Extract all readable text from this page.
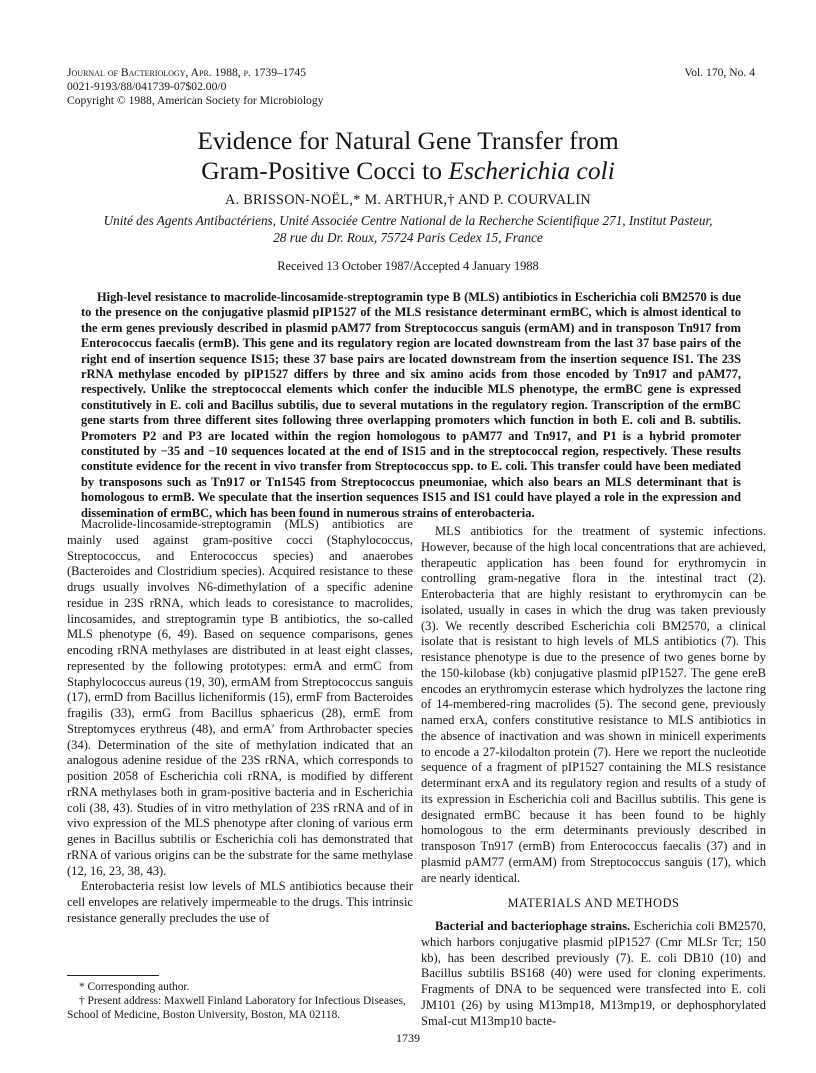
Journal of Bacteriology, Apr. 1988, p. 1739–1745
0021-9193/88/041739-07$02.00/0
Copyright © 1988, American Society for Microbiology
Vol. 170, No. 4
Evidence for Natural Gene Transfer from
Gram-Positive Cocci to Escherichia coli
A. BRISSON-NOËL,* M. ARTHUR,† AND P. COURVALIN
Unité des Agents Antibactériens, Unité Associée Centre National de la Recherche Scientifique 271, Institut Pasteur,
28 rue du Dr. Roux, 75724 Paris Cedex 15, France
Received 13 October 1987/Accepted 4 January 1988

High-level resistance to macrolide-lincosamide-streptogramin type B (MLS) antibiotics in Escherichia coli BM2570 is due to the presence on the conjugative plasmid pIP1527 of the MLS resistance determinant ermBC, which is almost identical to the erm genes previously described in plasmid pAM77 from Streptococcus sanguis (ermAM) and in transposon Tn917 from Enterococcus faecalis (ermB). This gene and its regulatory region are located downstream from the last 37 base pairs of the right end of insertion sequence IS15; these 37 base pairs are located downstream from the insertion sequence IS1. The 23S rRNA methylase encoded by pIP1527 differs by three and six amino acids from those encoded by Tn917 and pAM77, respectively. Unlike the streptococcal elements which confer the inducible MLS phenotype, the ermBC gene is expressed constitutively in E. coli and Bacillus subtilis, due to several mutations in the regulatory region. Transcription of the ermBC gene starts from three different sites following three overlapping promoters which function in both E. coli and B. subtilis. Promoters P2 and P3 are located within the region homologous to pAM77 and Tn917, and P1 is a hybrid promoter constituted by −35 and −10 sequences located at the end of IS15 and in the streptococcal region, respectively. These results constitute evidence for the recent in vivo transfer from Streptococcus spp. to E. coli. This transfer could have been mediated by transposons such as Tn917 or Tn1545 from Streptococcus pneumoniae, which also bears an MLS determinant that is homologous to ermB. We speculate that the insertion sequences IS15 and IS1 could have played a role in the expression and dissemination of ermBC, which has been found in numerous strains of enterobacteria.

Macrolide-lincosamide-streptogramin (MLS) antibiotics are mainly used against gram-positive cocci (Staphylococcus, Streptococcus, and Enterococcus species) and anaerobes (Bacteroides and Clostridium species). Acquired resistance to these drugs usually involves N6-dimethylation of a specific adenine residue in 23S rRNA, which leads to coresistance to macrolides, lincosamides, and streptogramin type B antibiotics, the so-called MLS phenotype (6, 49). Based on sequence comparisons, genes encoding rRNA methylases are distributed in at least eight classes, represented by the following prototypes: ermA and ermC from Staphylococcus aureus (19, 30), ermAM from Streptococcus sanguis (17), ermD from Bacillus licheniformis (15), ermF from Bacteroides fragilis (33), ermG from Bacillus sphaericus (28), ermE from Streptomyces erythreus (48), and ermA′ from Arthrobacter species (34). Determination of the site of methylation indicated that an analogous adenine residue of the 23S rRNA, which corresponds to position 2058 of Escherichia coli rRNA, is modified by different rRNA methylases both in gram-positive bacteria and in Escherichia coli (38, 43). Studies of in vitro methylation of 23S rRNA and of in vivo expression of the MLS phenotype after cloning of various erm genes in Bacillus subtilis or Escherichia coli has demonstrated that rRNA of various origins can be the substrate for the same methylase (12, 16, 23, 38, 43).

Enterobacteria resist low levels of MLS antibiotics because their cell envelopes are relatively impermeable to the drugs. This intrinsic resistance generally precludes the use of

MLS antibiotics for the treatment of systemic infections. However, because of the high local concentrations that are achieved, therapeutic application has been found for erythromycin in controlling gram-negative flora in the intestinal tract (2). Enterobacteria that are highly resistant to erythromycin can be isolated, usually in cases in which the drug was taken previously (3). We recently described Escherichia coli BM2570, a clinical isolate that is resistant to high levels of MLS antibiotics (7). This resistance phenotype is due to the presence of two genes borne by the 150-kilobase (kb) conjugative plasmid pIP1527. The gene ereB encodes an erythromycin esterase which hydrolyzes the lactone ring of 14-membered-ring macrolides (5). The second gene, previously named erxA, confers constitutive resistance to MLS antibiotics in the absence of inactivation and was shown in minicell experiments to encode a 27-kilodalton protein (7). Here we report the nucleotide sequence of a fragment of pIP1527 containing the MLS resistance determinant erxA and its regulatory region and results of a study of its expression in Escherichia coli and Bacillus subtilis. This gene is designated ermBC because it has been found to be highly homologous to the erm determinants previously described in transposon Tn917 (ermB) from Enterococcus faecalis (37) and in plasmid pAM77 (ermAM) from Streptococcus sanguis (17), which are nearly identical.

MATERIALS AND METHODS

Bacterial and bacteriophage strains. Escherichia coli BM2570, which harbors conjugative plasmid pIP1527 (Cmr MLSr Tcr; 150 kb), has been described previously (7). E. coli DB10 (10) and Bacillus subtilis BS168 (40) were used for cloning experiments. Fragments of DNA to be sequenced were transfected into E. coli JM101 (26) by using M13mp18, M13mp19, or dephosphorylated SmaI-cut M13mp10 bacte-

* Corresponding author.

† Present address: Maxwell Finland Laboratory for Infectious Diseases, School of Medicine, Boston University, Boston, MA 02118.

1739
